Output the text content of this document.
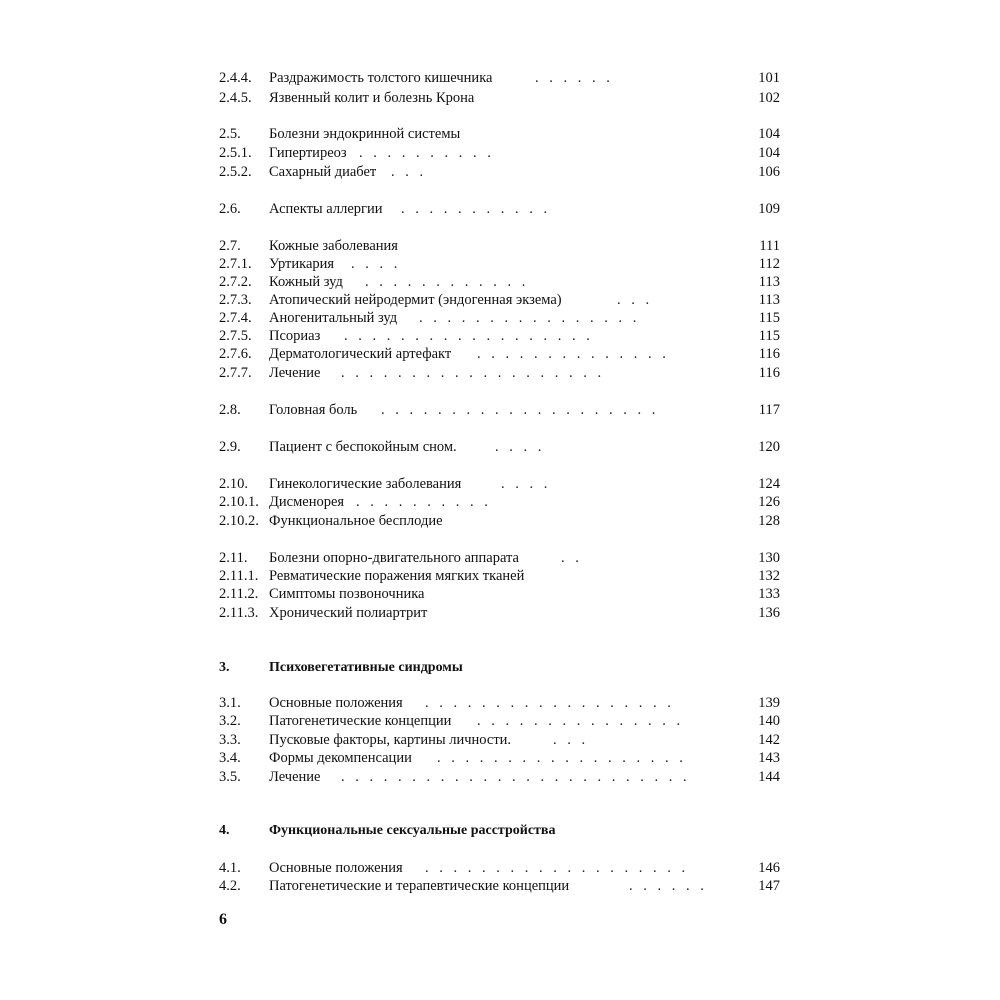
2.4.4. Раздражимость толстого кишечника	. . . . . .	101
2.4.5. Язвенный колит и болезнь Крона	102
2.5. Болезни эндокринной системы	104
2.5.1. Гипертиреоз . . . . . . . . . .	104
2.5.2. Сахарный диабет . . .	106
2.6. Аспекты аллергии . . . . . . . . . . .	109
2.7. Кожные заболевания	111
2.7.1. Уртикария . . . .	112
2.7.2. Кожный зуд . . . . . . . . . . . .	113
2.7.3. Атопический нейродермит (эндогенная экзема)	. . .	113
2.7.4. Аногенитальный зуд . . . . . . . . . . . . . . . .	115
2.7.5. Псориаз . . . . . . . . . . . . . . . . . .	115
2.7.6. Дерматологический артефакт . . . . . . . . . . . . . .	116
2.7.7. Лечение . . . . . . . . . . . . . . . . . . .	116
2.8. Головная боль . . . . . . . . . . . . . . . . . . . .	117
2.9. Пациент с беспокойным сном.	. . . .	120
2.10. Гинекологические заболевания	. . . .	124
2.10.1. Дисменорея . . . . . . . . . .	126
2.10.2. Функциональное бесплодие	128
2.11. Болезни опорно-двигательного аппарата	. .	130
2.11.1. Ревматические поражения мягких тканей	132
2.11.2. Симптомы позвоночника	133
2.11.3. Хронический полиартрит	136
3.	Психовегетативные синдромы
3.1. Основные положения . . . . . . . . . . . . . . . . . .	139
3.2. Патогенетические концепции . . . . . . . . . . . . . . .	140
3.3. Пусковые факторы, картины личности.	. . .	142
3.4. Формы декомпенсации . . . . . . . . . . . . . . . . . .	143
3.5. Лечение . . . . . . . . . . . . . . . . . . . . . . . . .	144
4.	Функциональные сексуальные расстройства
4.1. Основные положения . . . . . . . . . . . . . . . . . . .	146
4.2. Патогенетические и терапевтические концепции	. . . . . .	147
6
